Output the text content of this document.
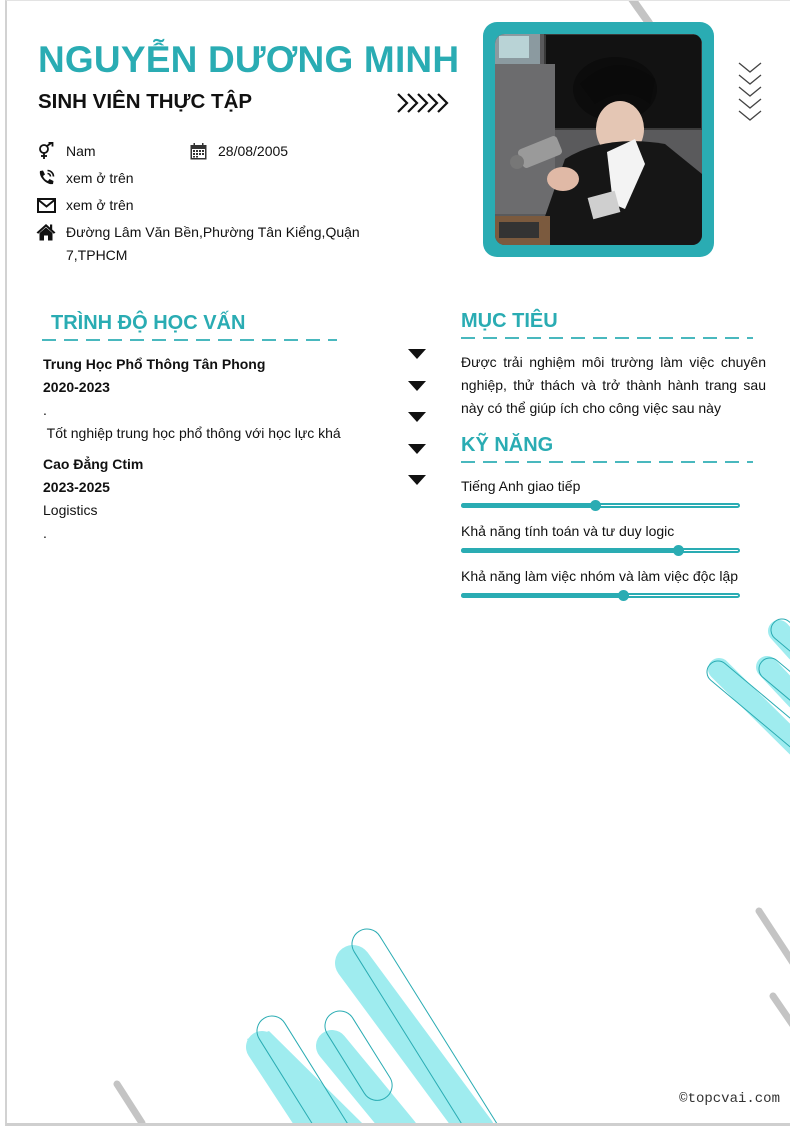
NGUYỄN DƯƠNG MINH
SINH VIÊN THỰC TẬP
Nam	28/08/2005
xem ở trên
xem ở trên
Đường Lâm Văn Bền,Phường Tân Kiểng,Quận
7,TPHCM
TRÌNH ĐỘ HỌC VẤN
Trung Học Phổ Thông Tân Phong
2020-2023
.
Tốt nghiệp trung học phổ thông với học lực khá
Cao Đẳng Ctim
2023-2025
Logistics
.
MỤC TIÊU
Được trải nghiệm môi trường làm việc chuyên nghiệp, thử thách và trở thành hành trang sau này có thể giúp ích cho công việc sau này
KỸ NĂNG
Tiếng Anh giao tiếp
Khả năng tính toán và tư duy logic
Khả năng làm việc nhóm và làm việc độc lập
©topcvai.com
